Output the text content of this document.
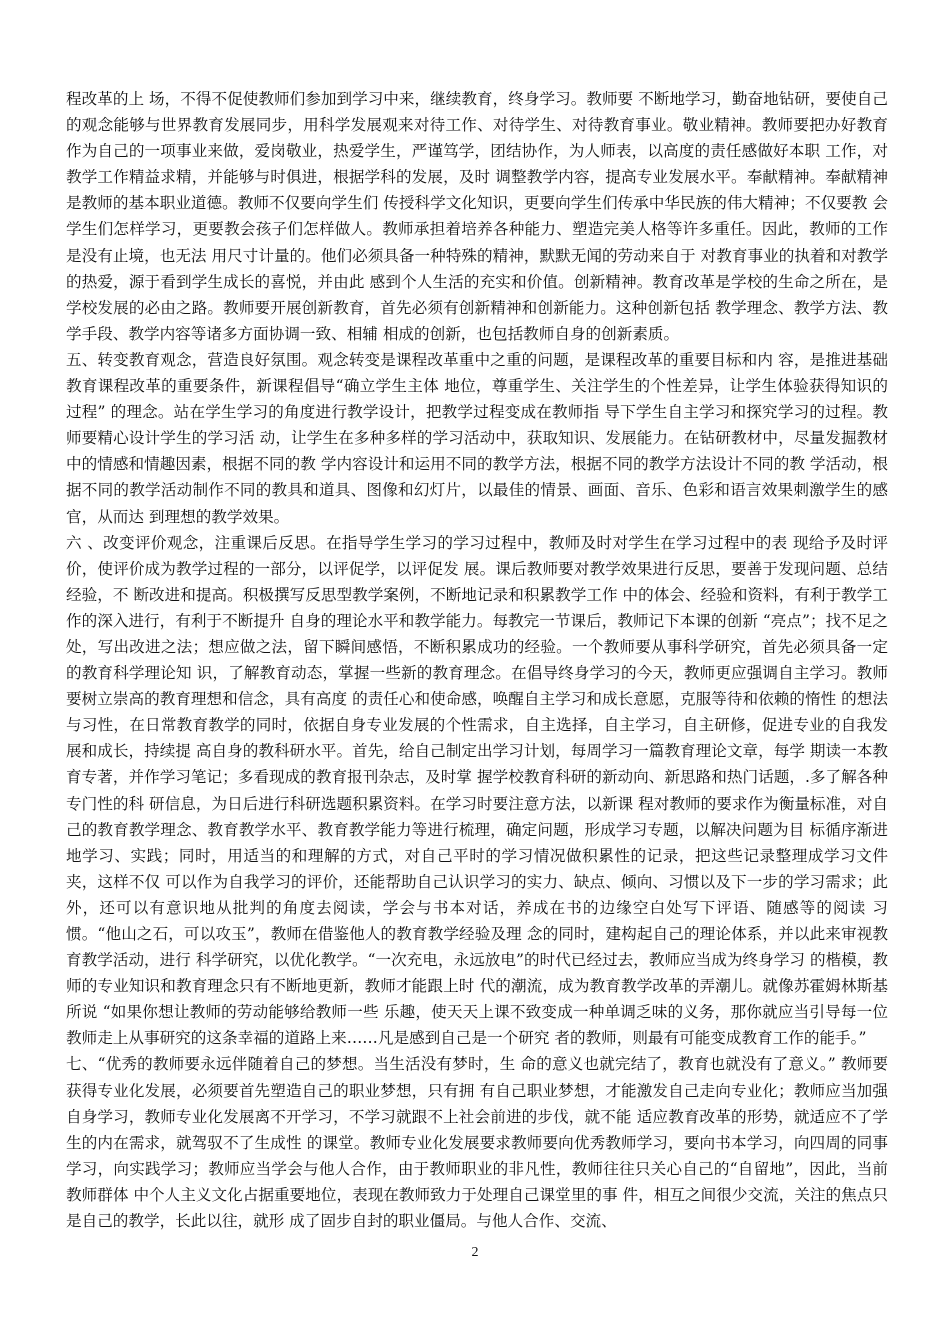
程改革的上 场，不得不促使教师们参加到学习中来，继续教育，终身学习。教师要 不断地学习，勤奋地钻研，要使自己的观念能够与世界教育发展同步，用科学发展观来对待工作、对待学生、对待教育事业。敬业精神。教师要把办好教育作为自己的一项事业来做，爱岗敬业，热爱学生，严谨笃学，团结协作，为人师表，以高度的责任感做好本职 工作，对教学工作精益求精，并能够与时俱进，根据学科的发展，及时 调整教学内容，提高专业发展水平。奉献精神。奉献精神是教师的基本职业道德。教师不仅要向学生们 传授科学文化知识，更要向学生们传承中华民族的伟大精神；不仅要教 会学生们怎样学习，更要教会孩子们怎样做人。教师承担着培养各种能力、塑造完美人格等许多重任。因此，教师的工作是没有止境，也无法 用尺寸计量的。他们必须具备一种特殊的精神，默默无闻的劳动来自于 对教育事业的执着和对教学的热爱，源于看到学生成长的喜悦，并由此 感到个人生活的充实和价值。创新精神。教育改革是学校的生命之所在，是学校发展的必由之路。教师要开展创新教育，首先必须有创新精神和创新能力。这种创新包括 教学理念、教学方法、教学手段、教学内容等诸多方面协调一致、相辅 相成的创新，也包括教师自身的创新素质。

五、转变教育观念，营造良好氛围。观念转变是课程改革重中之重的问题，是课程改革的重要目标和内 容，是推进基础教育课程改革的重要条件，新课程倡导“确立学生主体 地位，尊重学生、关注学生的个性差异，让学生体验获得知识的过程” 的理念。站在学生学习的角度进行教学设计，把教学过程变成在教师指 导下学生自主学习和探究学习的过程。教师要精心设计学生的学习活 动，让学生在多种多样的学习活动中，获取知识、发展能力。在钻研教材中，尽量发掘教材中的情感和情趣因素，根据不同的教 学内容设计和运用不同的教学方法，根据不同的教学方法设计不同的教 学活动，根据不同的教学活动制作不同的教具和道具、图像和幻灯片，以最佳的情景、画面、音乐、色彩和语言效果刺激学生的感官，从而达 到理想的教学效果。

六 、改变评价观念，注重课后反思。在指导学生学习的学习过程中，教师及时对学生在学习过程中的表 现给予及时评价，使评价成为教学过程的一部分，以评促学，以评促发 展。课后教师要对教学效果进行反思，要善于发现问题、总结经验，不 断改进和提高。积极撰写反思型教学案例，不断地记录和积累教学工作 中的体会、经验和资料，有利于教学工作的深入进行，有利于不断提升 自身的理论水平和教学能力。每教完一节课后，教师记下本课的创新 “亮点”；找不足之处，写出改进之法；想应做之法，留下瞬间感悟，不断积累成功的经验。一个教师要从事科学研究，首先必须具备一定的教育科学理论知 识，了解教育动态，掌握一些新的教育理念。在倡导终身学习的今天，教师更应强调自主学习。教师要树立崇高的教育理想和信念，具有高度 的责任心和使命感，唤醒自主学习和成长意愿，克服等待和依赖的惰性 的想法与习性，在日常教育教学的同时，依据自身专业发展的个性需求，自主选择，自主学习，自主研修，促进专业的自我发展和成长，持续提 高自身的教科研水平。首先，给自己制定出学习计划，每周学习一篇教育理论文章，每学 期读一本教育专著，并作学习笔记；多看现成的教育报刊杂志，及时掌 握学校教育科研的新动向、新思路和热门话题，.多了解各种专门性的科 研信息，为日后进行科研选题积累资料。在学习时要注意方法，以新课 程对教师的要求作为衡量标准，对自己的教育教学理念、教育教学水平、教育教学能力等进行梳理，确定问题，形成学习专题，以解决问题为目 标循序渐进地学习、实践；同时，用适当的和理解的方式，对自己平时的学习情况做积累性的记录，把这些记录整理成学习文件夹，这样不仅 可以作为自我学习的评价，还能帮助自己认识学习的实力、缺点、倾向、习惯以及下一步的学习需求；此外，还可以有意识地从批判的角度去阅读，学会与书本对话，养成在书的边缘空白处写下评语、随感等的阅读 习惯。“他山之石，可以攻玉”，教师在借鉴他人的教育教学经验及理 念的同时，建构起自己的理论体系，并以此来审视教育教学活动，进行 科学研究，以优化教学。“一次充电，永远放电”的时代已经过去，教师应当成为终身学习 的楷模，教师的专业知识和教育理念只有不断地更新，教师才能跟上时 代的潮流，成为教育教学改革的弄潮儿。就像苏霍姆林斯基所说 “如果你想让教师的劳动能够给教师一些 乐趣，使天天上课不致变成一种单调乏味的义务，那你就应当引导每一位 教师走上从事研究的这条幸福的道路上来……凡是感到自己是一个研究 者的教师，则最有可能变成教育工作的能手。”

七、“优秀的教师要永远伴随着自己的梦想。当生活没有梦时，生 命的意义也就完结了，教育也就没有了意义。” 教师要获得专业化发展，必须要首先塑造自己的职业梦想，只有拥 有自己职业梦想，才能激发自己走向专业化；教师应当加强自身学习，教师专业化发展离不开学习，不学习就跟不上社会前进的步伐，就不能 适应教育改革的形势，就适应不了学生的内在需求，就驾驭不了生成性 的课堂。教师专业化发展要求教师要向优秀教师学习，要向书本学习，向四周的同事学习，向实践学习；教师应当学会与他人合作，由于教师职业的非凡性，教师往往只关心自己的“自留地”，因此，当前教师群体 中个人主义文化占据重要地位，表现在教师致力于处理自己课堂里的事 件，相互之间很少交流，关注的焦点只是自己的教学，长此以往，就形 成了固步自封的职业僵局。与他人合作、交流、

2
